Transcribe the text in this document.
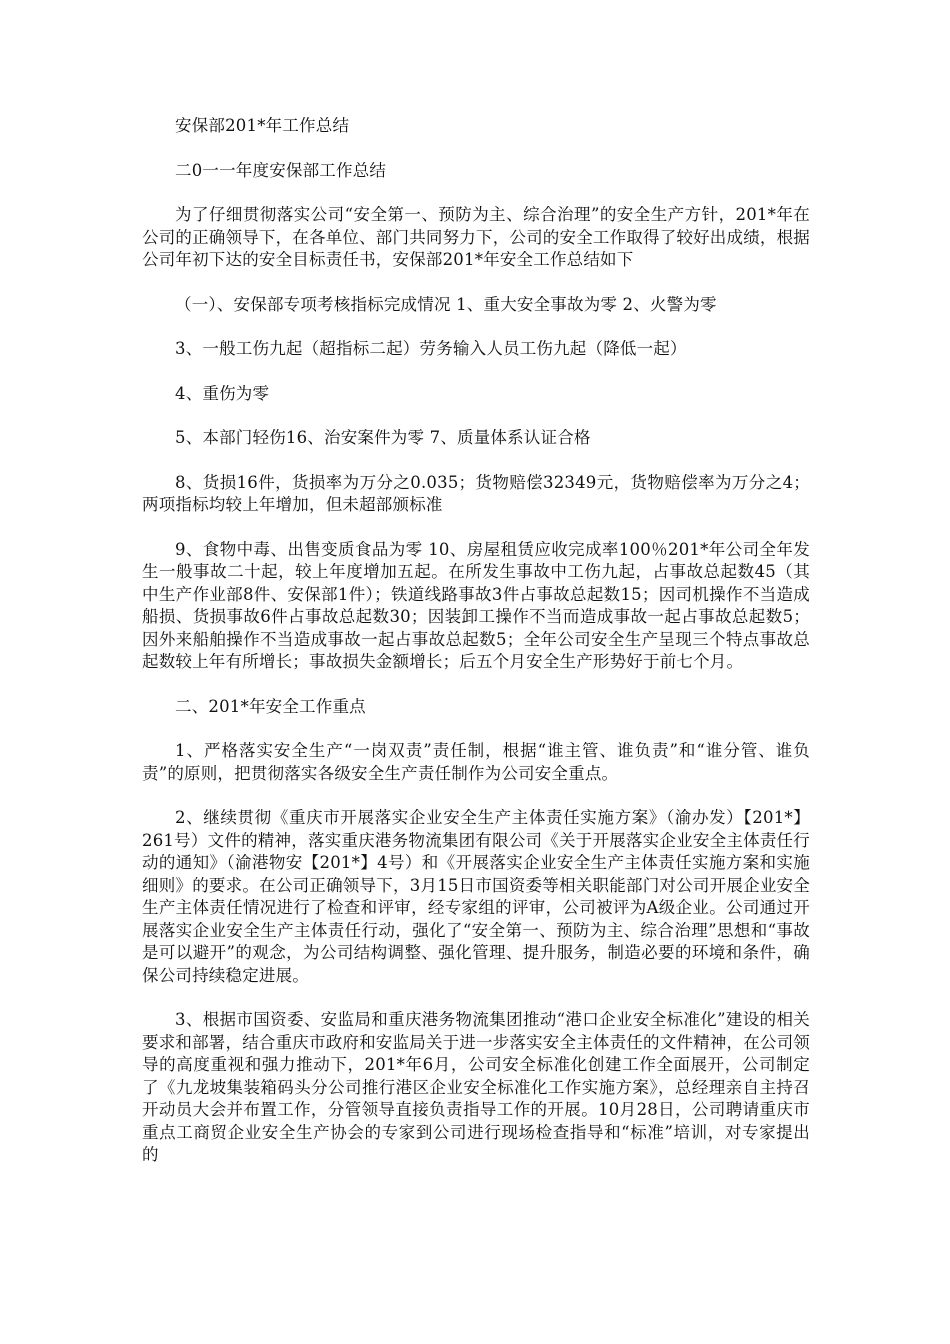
安保部201*年工作总结

二0一一年度安保部工作总结

为了仔细贯彻落实公司“安全第一、预防为主、综合治理”的安全生产方针，201*年在公司的正确领导下，在各单位、部门共同努力下，公司的安全工作取得了较好出成绩，根据公司年初下达的安全目标责任书，安保部201*年安全工作总结如下

（一）、安保部专项考核指标完成情况 1、重大安全事故为零 2、火警为零

3、一般工伤九起（超指标二起）劳务输入人员工伤九起（降低一起）

4、重伤为零

5、本部门轻伤16、治安案件为零 7、质量体系认证合格

8、货损16件，货损率为万分之0.035；货物赔偿32349元，货物赔偿率为万分之4；两项指标均较上年增加，但未超部颁标准

9、食物中毒、出售变质食品为零 10、房屋租赁应收完成率100％201*年公司全年发生一般事故二十起，较上年度增加五起。在所发生事故中工伤九起，占事故总起数45（其中生产作业部8件、安保部1件）；铁道线路事故3件占事故总起数15；因司机操作不当造成船损、货损事故6件占事故总起数30；因装卸工操作不当而造成事故一起占事故总起数5；因外来船舶操作不当造成事故一起占事故总起数5；全年公司安全生产呈现三个特点事故总起数较上年有所增长；事故损失金额增长；后五个月安全生产形势好于前七个月。

二、201*年安全工作重点

1、严格落实安全生产“一岗双责”责任制，根据“谁主管、谁负责”和“谁分管、谁负责”的原则，把贯彻落实各级安全生产责任制作为公司安全重点。

2、继续贯彻《重庆市开展落实企业安全生产主体责任实施方案》（渝办发）【201*】261号）文件的精神，落实重庆港务物流集团有限公司《关于开展落实企业安全主体责任行动的通知》（渝港物安【201*】4号）和《开展落实企业安全生产主体责任实施方案和实施细则》的要求。在公司正确领导下，3月15日市国资委等相关职能部门对公司开展企业安全生产主体责任情况进行了检查和评审，经专家组的评审，公司被评为A级企业。公司通过开展落实企业安全生产主体责任行动，强化了“安全第一、预防为主、综合治理”思想和“事故是可以避开”的观念，为公司结构调整、强化管理、提升服务，制造必要的环境和条件，确保公司持续稳定进展。

3、根据市国资委、安监局和重庆港务物流集团推动“港口企业安全标准化”建设的相关要求和部署，结合重庆市政府和安监局关于进一步落实安全主体责任的文件精神，在公司领导的高度重视和强力推动下，201*年6月，公司安全标准化创建工作全面展开，公司制定了《九龙坡集装箱码头分公司推行港区企业安全标准化工作实施方案》，总经理亲自主持召开动员大会并布置工作，分管领导直接负责指导工作的开展。10月28日，公司聘请重庆市重点工商贸企业安全生产协会的专家到公司进行现场检查指导和“标准”培训，对专家提出的
